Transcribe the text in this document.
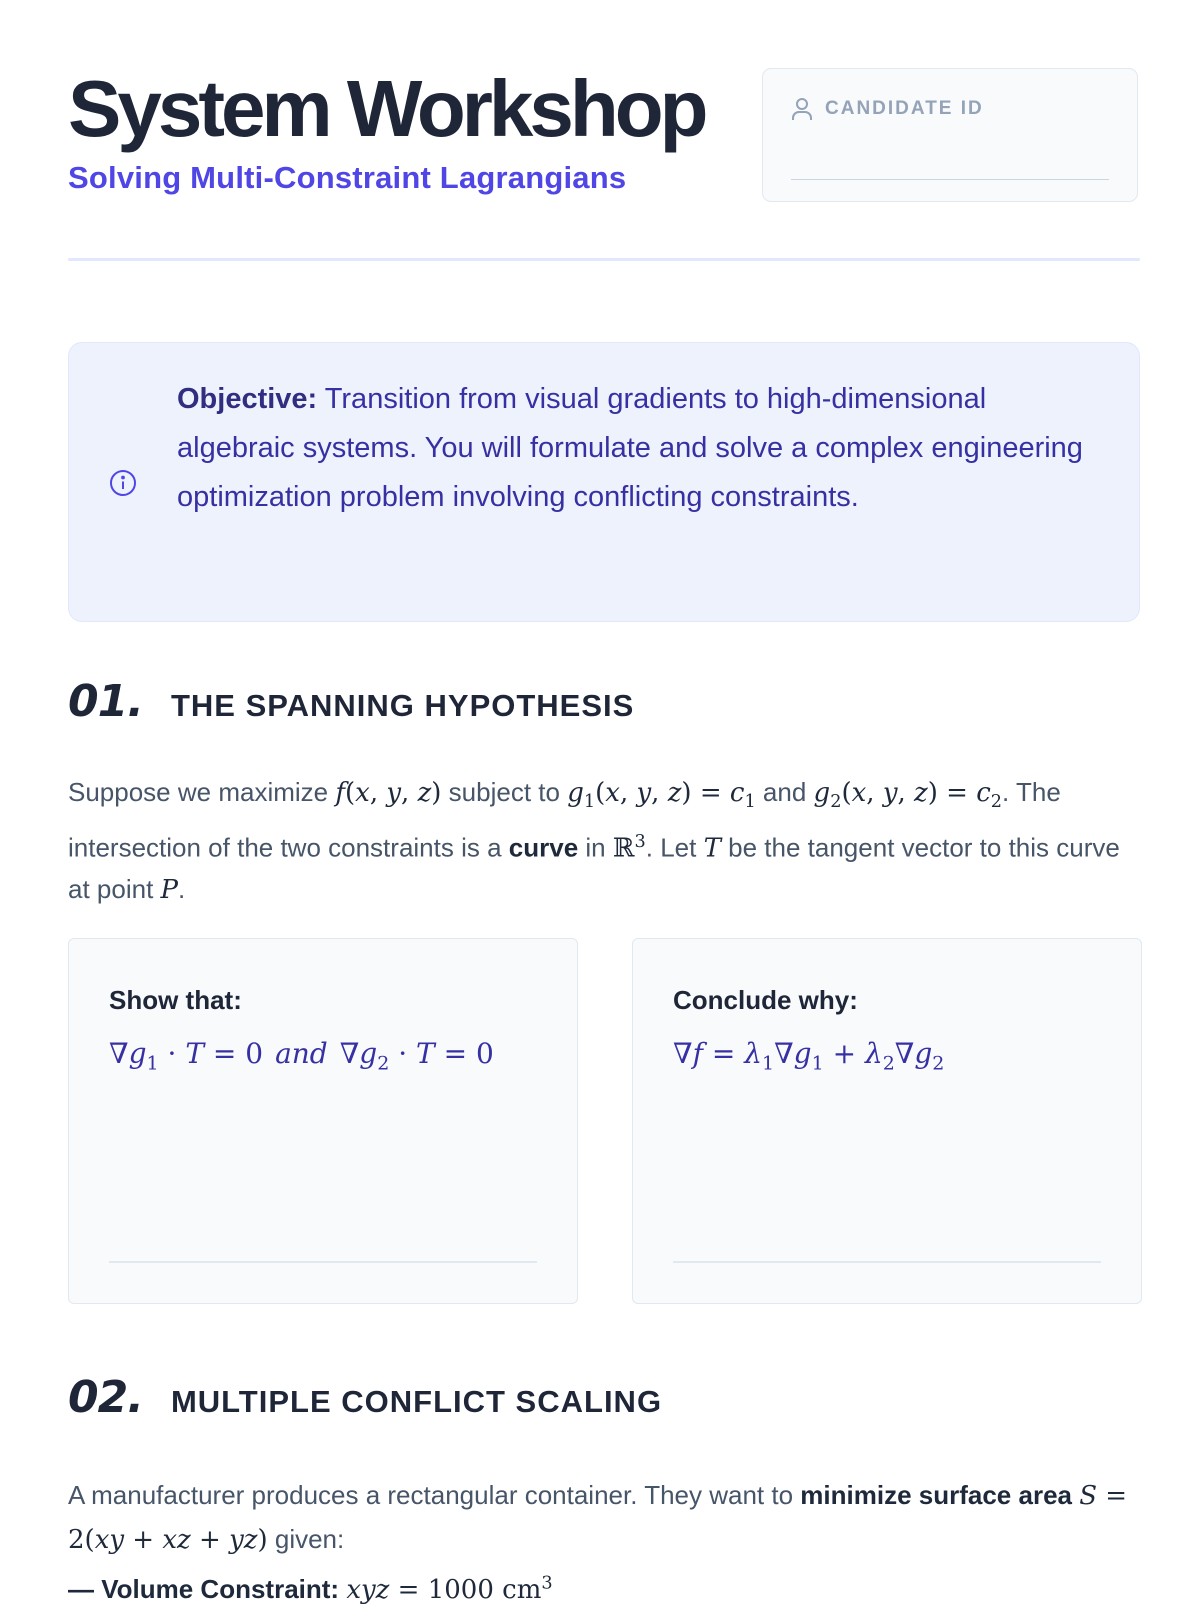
System Workshop
Solving Multi-Constraint Lagrangians
CANDIDATE ID

Objective: Transition from visual gradients to high-dimensional algebraic systems. You will formulate and solve a complex engineering optimization problem involving conflicting constraints.

01. THE SPANNING HYPOTHESIS

Suppose we maximize f(x, y, z) subject to $g_1(x$, y, $z) = c_1$ and $g_2(x$, y, $z) = c_2$. The intersection of the two constraints is a curve in ℝ$^3$. Let T be the tangent vector to this curve at point P.

Show that:
$\nabla g_1 \cdot T = 0$ and $\nabla g_2 \cdot T = 0$
Conclude why:
$\nabla f = \lambda_1\nabla g_1 + \lambda_2\nabla g_2$
02. MULTIPLE CONFLICT SCALING

A manufacturer produces a rectangular container. They want to minimize surface area S = 2(xy + xz + yz) given:
— Volume Constraint: xyz = 1000 $cm^3$
